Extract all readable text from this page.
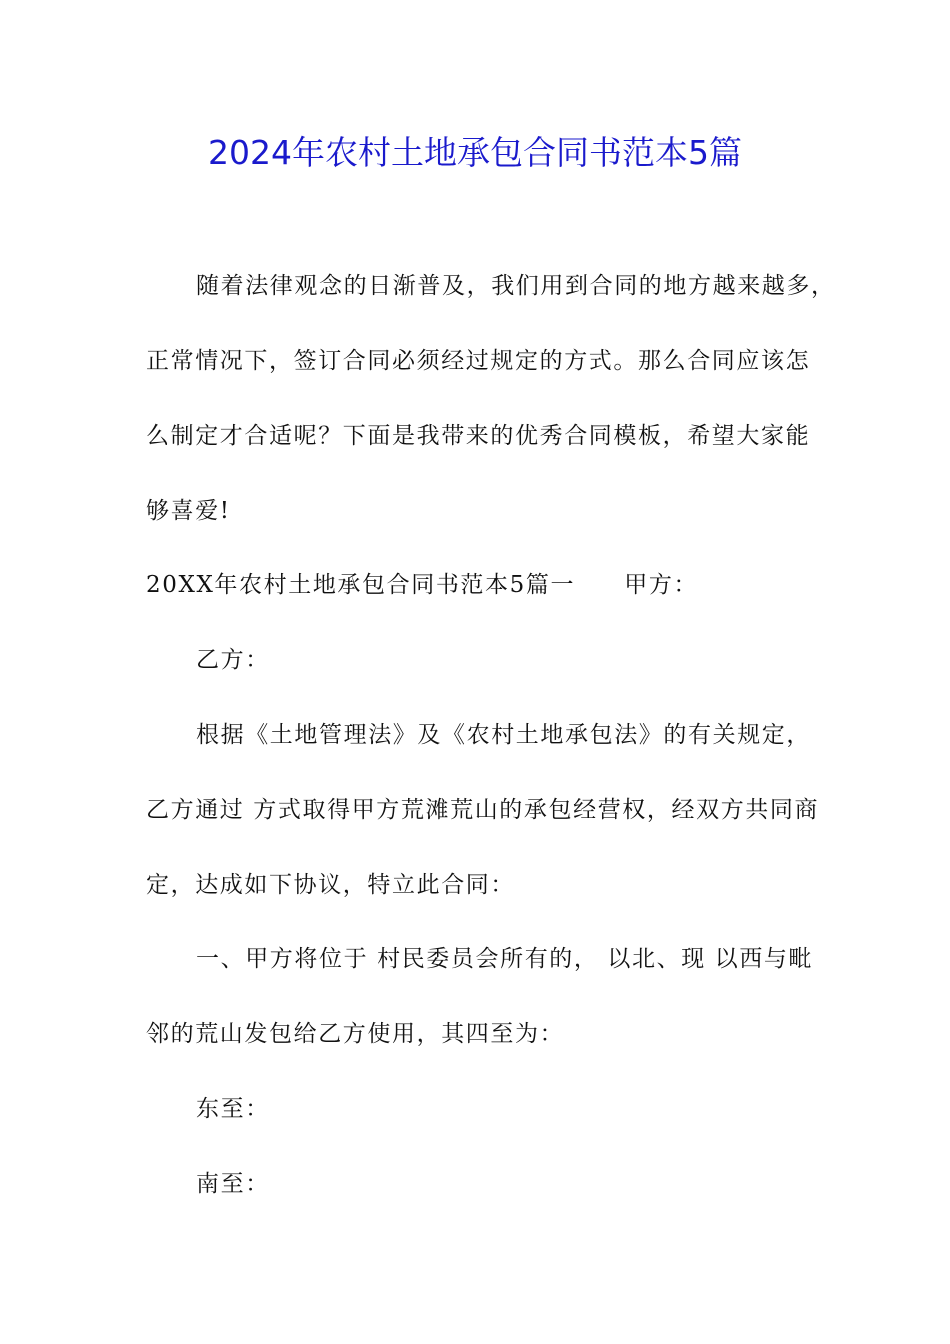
2024年农村土地承包合同书范本5篇
随着法律观念的日渐普及，我们用到合同的地方越来越多，
正常情况下，签订合同必须经过规定的方式。那么合同应该怎
么制定才合适呢？下面是我带来的优秀合同模板，希望大家能
够喜爱!
20XX年农村土地承包合同书范本5篇一　　甲方：
乙方：
根据《土地管理法》及《农村土地承包法》的有关规定，
乙方通过 方式取得甲方荒滩荒山的承包经营权，经双方共同商
定，达成如下协议，特立此合同：
一、甲方将位于 村民委员会所有的， 以北、现 以西与毗
邻的荒山发包给乙方使用，其四至为：
东至：
南至：
